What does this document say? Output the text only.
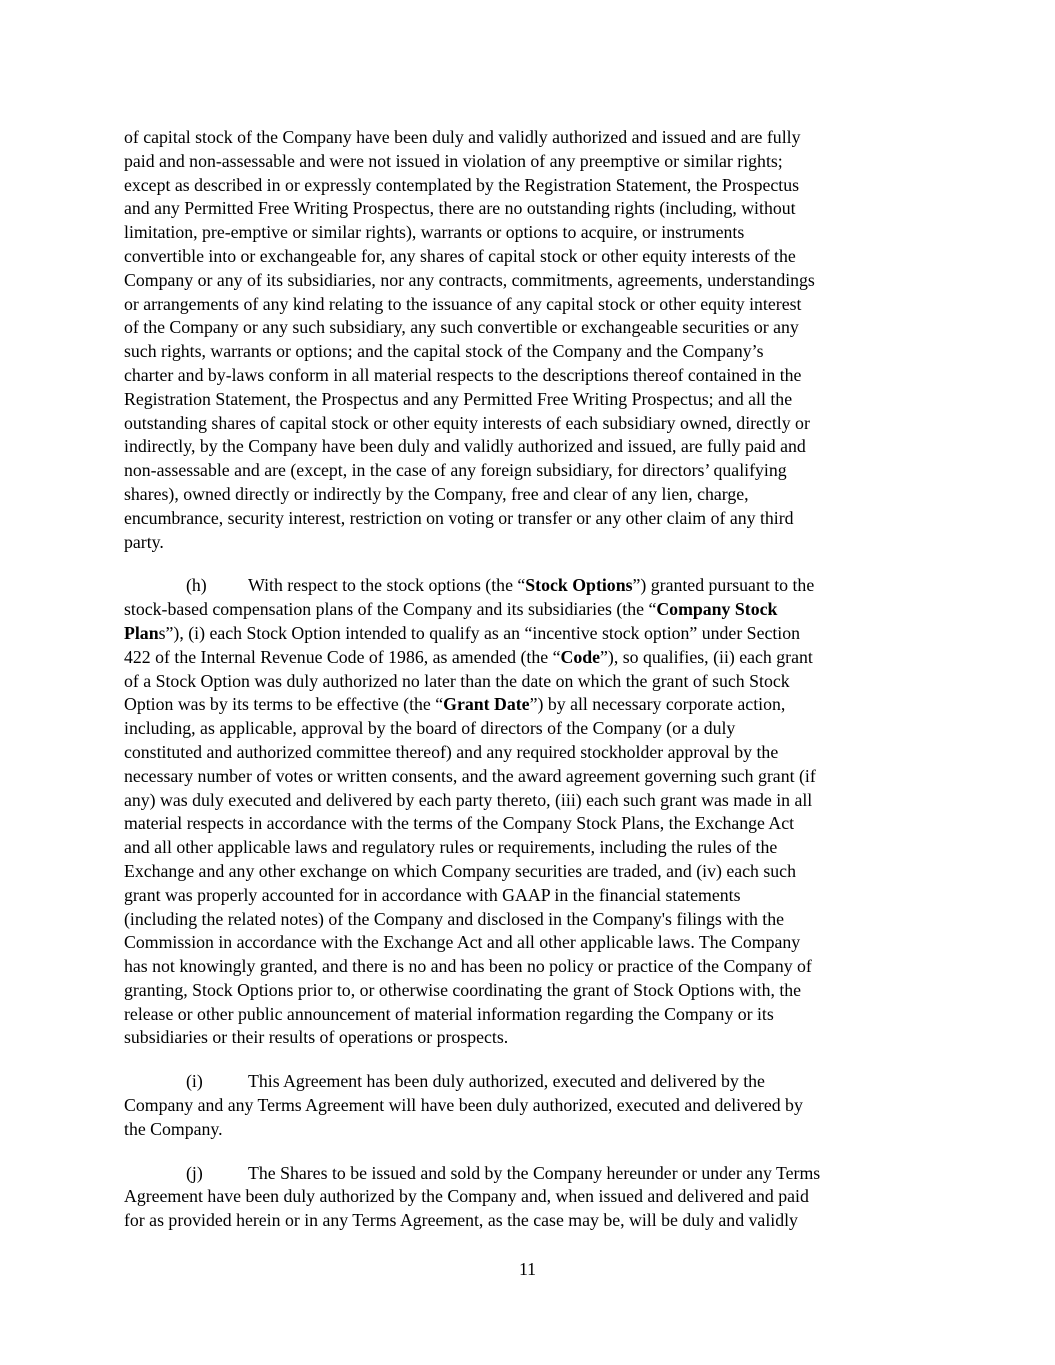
of capital stock of the Company have been duly and validly authorized and issued and are fully
paid and non-assessable and were not issued in violation of any preemptive or similar rights;
except as described in or expressly contemplated by the Registration Statement, the Prospectus
and any Permitted Free Writing Prospectus, there are no outstanding rights (including, without
limitation, pre-emptive or similar rights), warrants or options to acquire, or instruments
convertible into or exchangeable for, any shares of capital stock or other equity interests of the
Company or any of its subsidiaries, nor any contracts, commitments, agreements, understandings
or arrangements of any kind relating to the issuance of any capital stock or other equity interest
of the Company or any such subsidiary, any such convertible or exchangeable securities or any
such rights, warrants or options; and the capital stock of the Company and the Company’s
charter and by-laws conform in all material respects to the descriptions thereof contained in the
Registration Statement, the Prospectus and any Permitted Free Writing Prospectus; and all the
outstanding shares of capital stock or other equity interests of each subsidiary owned, directly or
indirectly, by the Company have been duly and validly authorized and issued, are fully paid and
non-assessable and are (except, in the case of any foreign subsidiary, for directors’ qualifying
shares), owned directly or indirectly by the Company, free and clear of any lien, charge,
encumbrance, security interest, restriction on voting or transfer or any other claim of any third
party.

(h) With respect to the stock options (the “Stock Options”) granted pursuant to the
stock-based compensation plans of the Company and its subsidiaries (the “Company Stock
Plans”), (i) each Stock Option intended to qualify as an “incentive stock option” under Section
422 of the Internal Revenue Code of 1986, as amended (the “Code”), so qualifies, (ii) each grant
of a Stock Option was duly authorized no later than the date on which the grant of such Stock
Option was by its terms to be effective (the “Grant Date”) by all necessary corporate action,
including, as applicable, approval by the board of directors of the Company (or a duly
constituted and authorized committee thereof) and any required stockholder approval by the
necessary number of votes or written consents, and the award agreement governing such grant (if
any) was duly executed and delivered by each party thereto, (iii) each such grant was made in all
material respects in accordance with the terms of the Company Stock Plans, the Exchange Act
and all other applicable laws and regulatory rules or requirements, including the rules of the
Exchange and any other exchange on which Company securities are traded, and (iv) each such
grant was properly accounted for in accordance with GAAP in the financial statements
(including the related notes) of the Company and disclosed in the Company's filings with the
Commission in accordance with the Exchange Act and all other applicable laws. The Company
has not knowingly granted, and there is no and has been no policy or practice of the Company of
granting, Stock Options prior to, or otherwise coordinating the grant of Stock Options with, the
release or other public announcement of material information regarding the Company or its
subsidiaries or their results of operations or prospects.

(i)	This Agreement has been duly authorized, executed and delivered by the
Company and any Terms Agreement will have been duly authorized, executed and delivered by
the Company.

(j)	The Shares to be issued and sold by the Company hereunder or under any Terms
Agreement have been duly authorized by the Company and, when issued and delivered and paid
for as provided herein or in any Terms Agreement, as the case may be, will be duly and validly

11
